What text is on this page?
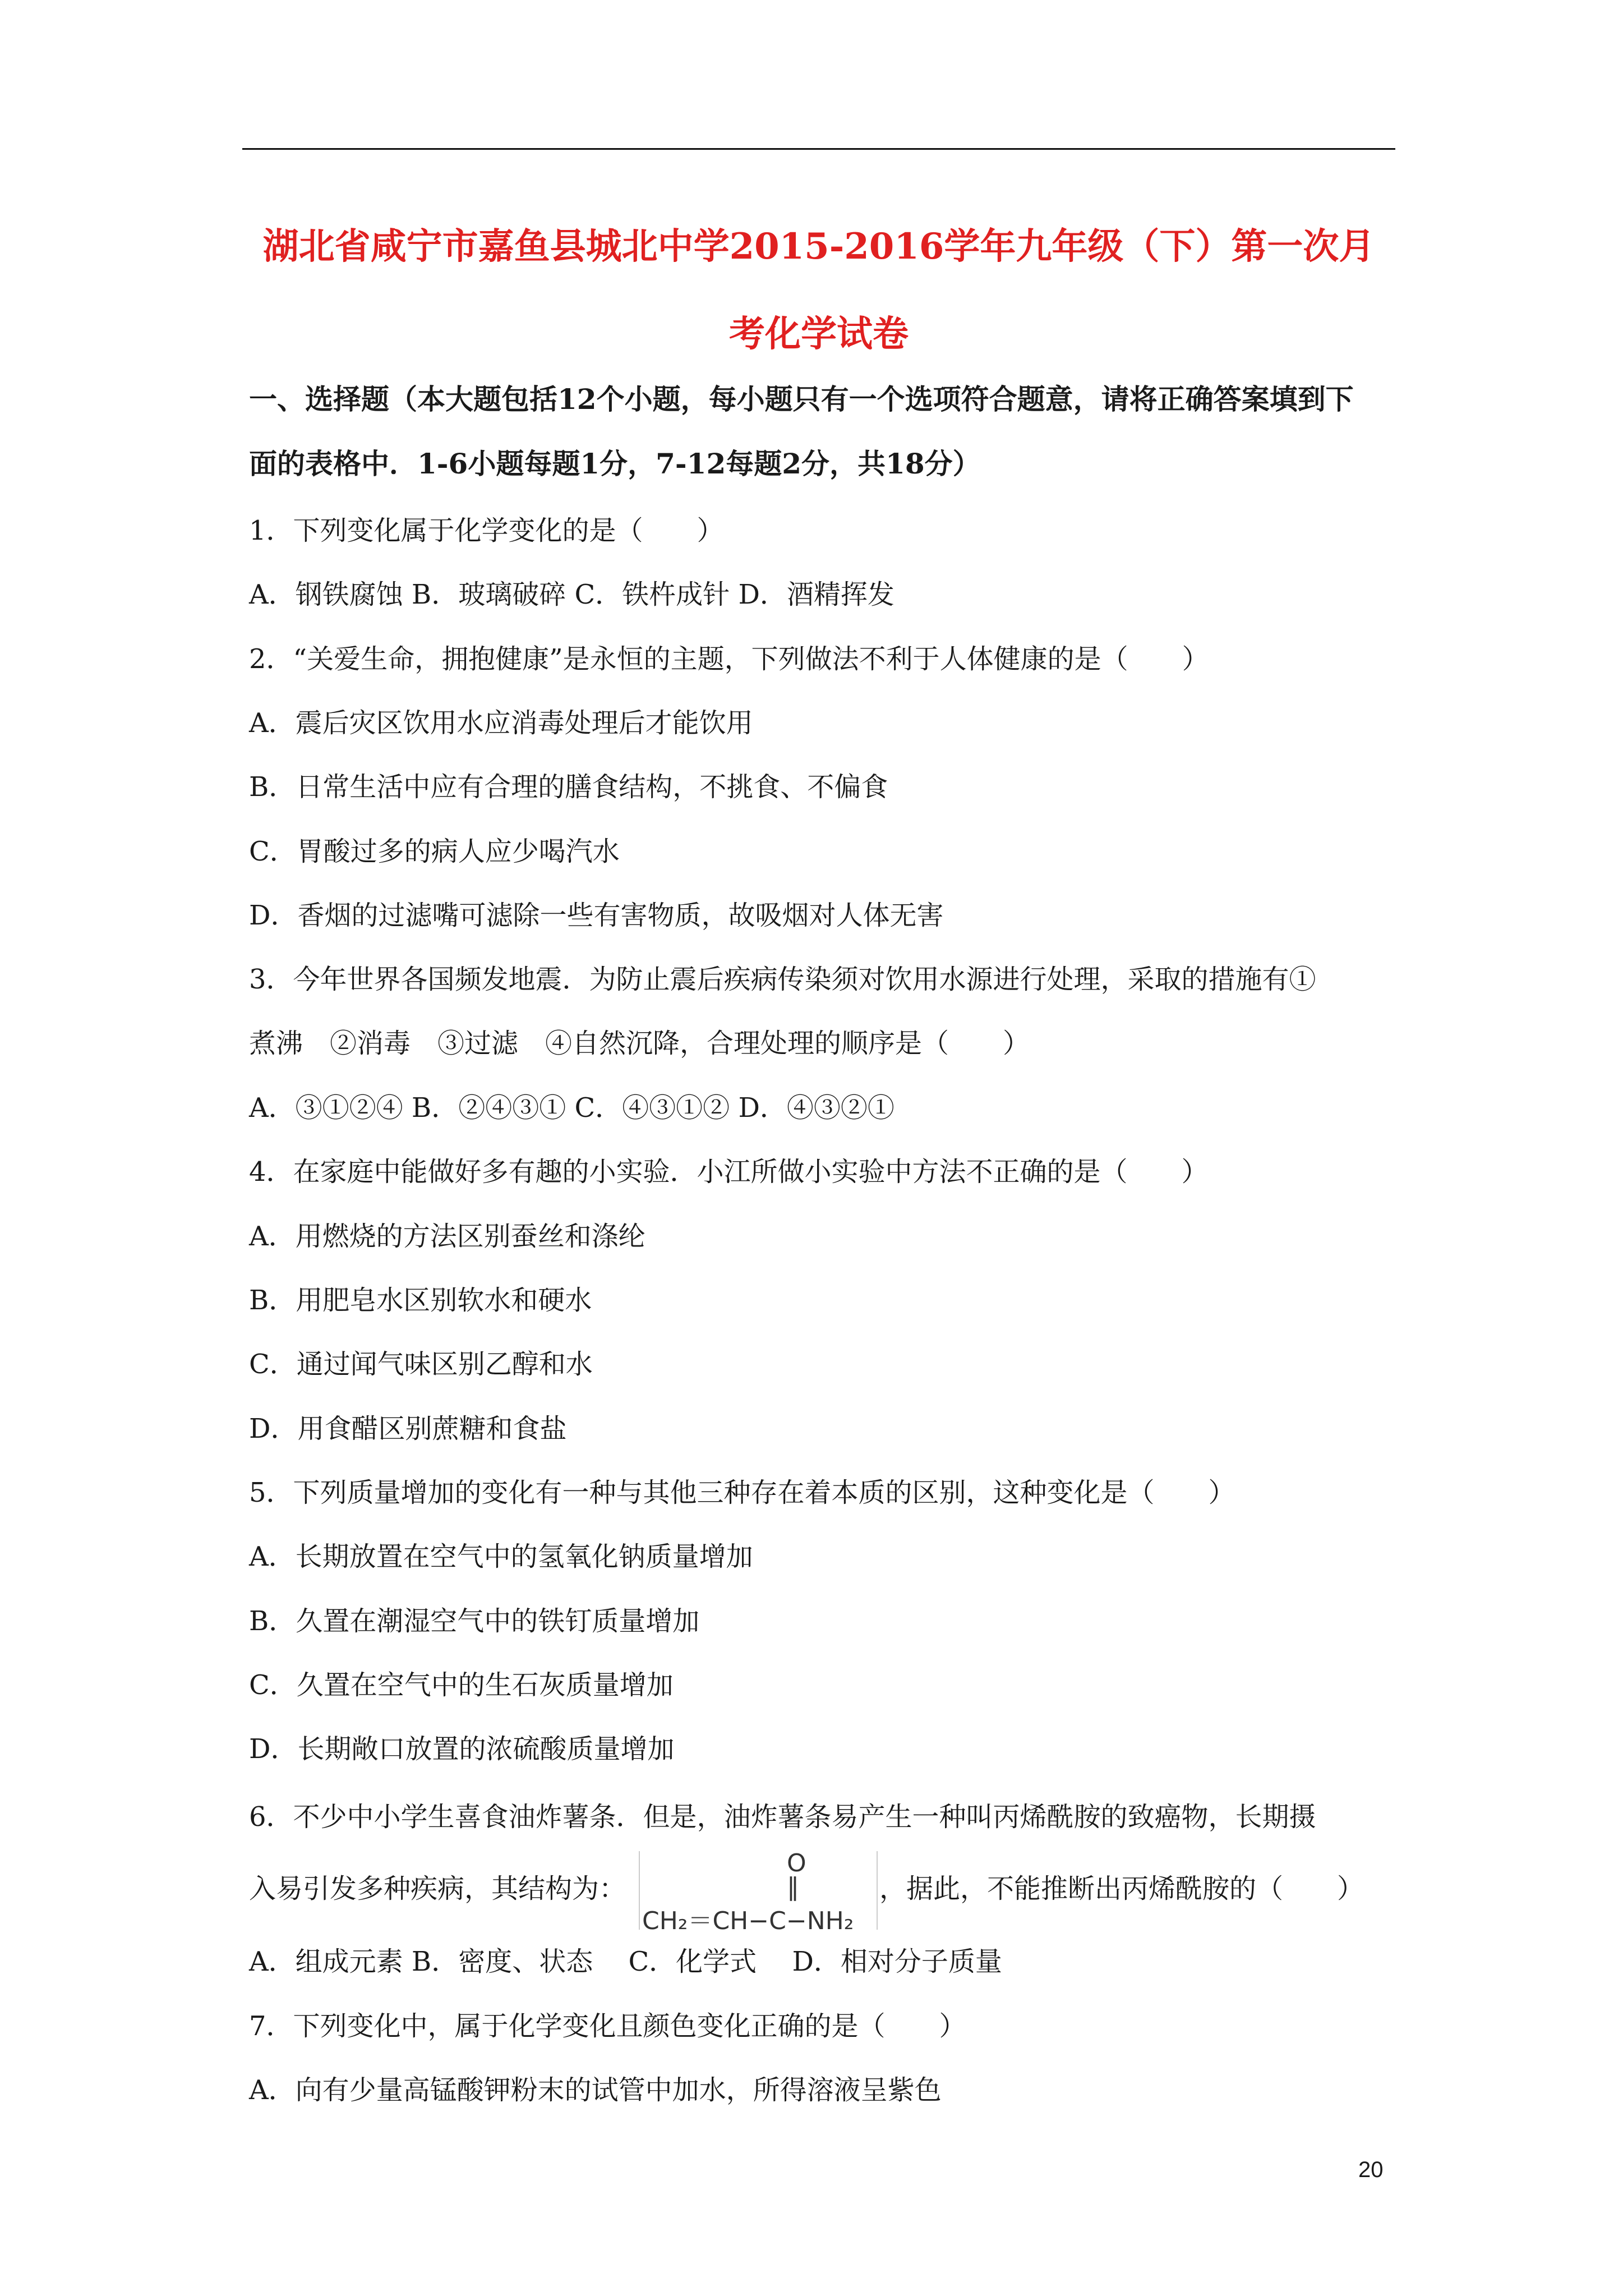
湖北省咸宁市嘉鱼县城北中学2015-2016学年九年级（下）第一次月
考化学试卷
一、选择题（本大题包括12个小题，每小题只有一个选项符合题意，请将正确答案填到下
面的表格中．1-6小题每题1分，7-12每题2分，共18分）
1．下列变化属于化学变化的是（　　）
A．钢铁腐蚀 B．玻璃破碎 C．铁杵成针 D．酒精挥发
2．“关爱生命，拥抱健康”是永恒的主题，下列做法不利于人体健康的是（　　）
A．震后灾区饮用水应消毒处理后才能饮用
B．日常生活中应有合理的膳食结构，不挑食、不偏食
C．胃酸过多的病人应少喝汽水
D．香烟的过滤嘴可滤除一些有害物质，故吸烟对人体无害
3．今年世界各国频发地震．为防止震后疾病传染须对饮用水源进行处理，采取的措施有①
煮沸　②消毒　③过滤　④自然沉降，合理处理的顺序是（　　）
A．③①②④ B．②④③① C．④③①② D．④③②①
4．在家庭中能做好多有趣的小实验．小江所做小实验中方法不正确的是（　　）
A．用燃烧的方法区别蚕丝和涤纶
B．用肥皂水区别软水和硬水
C．通过闻气味区别乙醇和水
D．用食醋区别蔗糖和食盐
5．下列质量增加的变化有一种与其他三种存在着本质的区别，这种变化是（　　）
A．长期放置在空气中的氢氧化钠质量增加
B．久置在潮湿空气中的铁钉质量增加
C．久置在空气中的生石灰质量增加
D．长期敞口放置的浓硫酸质量增加
6．不少中小学生喜食油炸薯条．但是，油炸薯条易产生一种叫丙烯酰胺的致癌物，长期摄
入易引发多种疾病，其结构为：
O
‖
CH₂＝CH−C−NH₂
，据此，不能推断出丙烯酰胺的（　　）
A．组成元素 B．密度、状态　 C．化学式　 D．相对分子质量
7．下列变化中，属于化学变化且颜色变化正确的是（　　）
A．向有少量高锰酸钾粉末的试管中加水，所得溶液呈紫色
20
